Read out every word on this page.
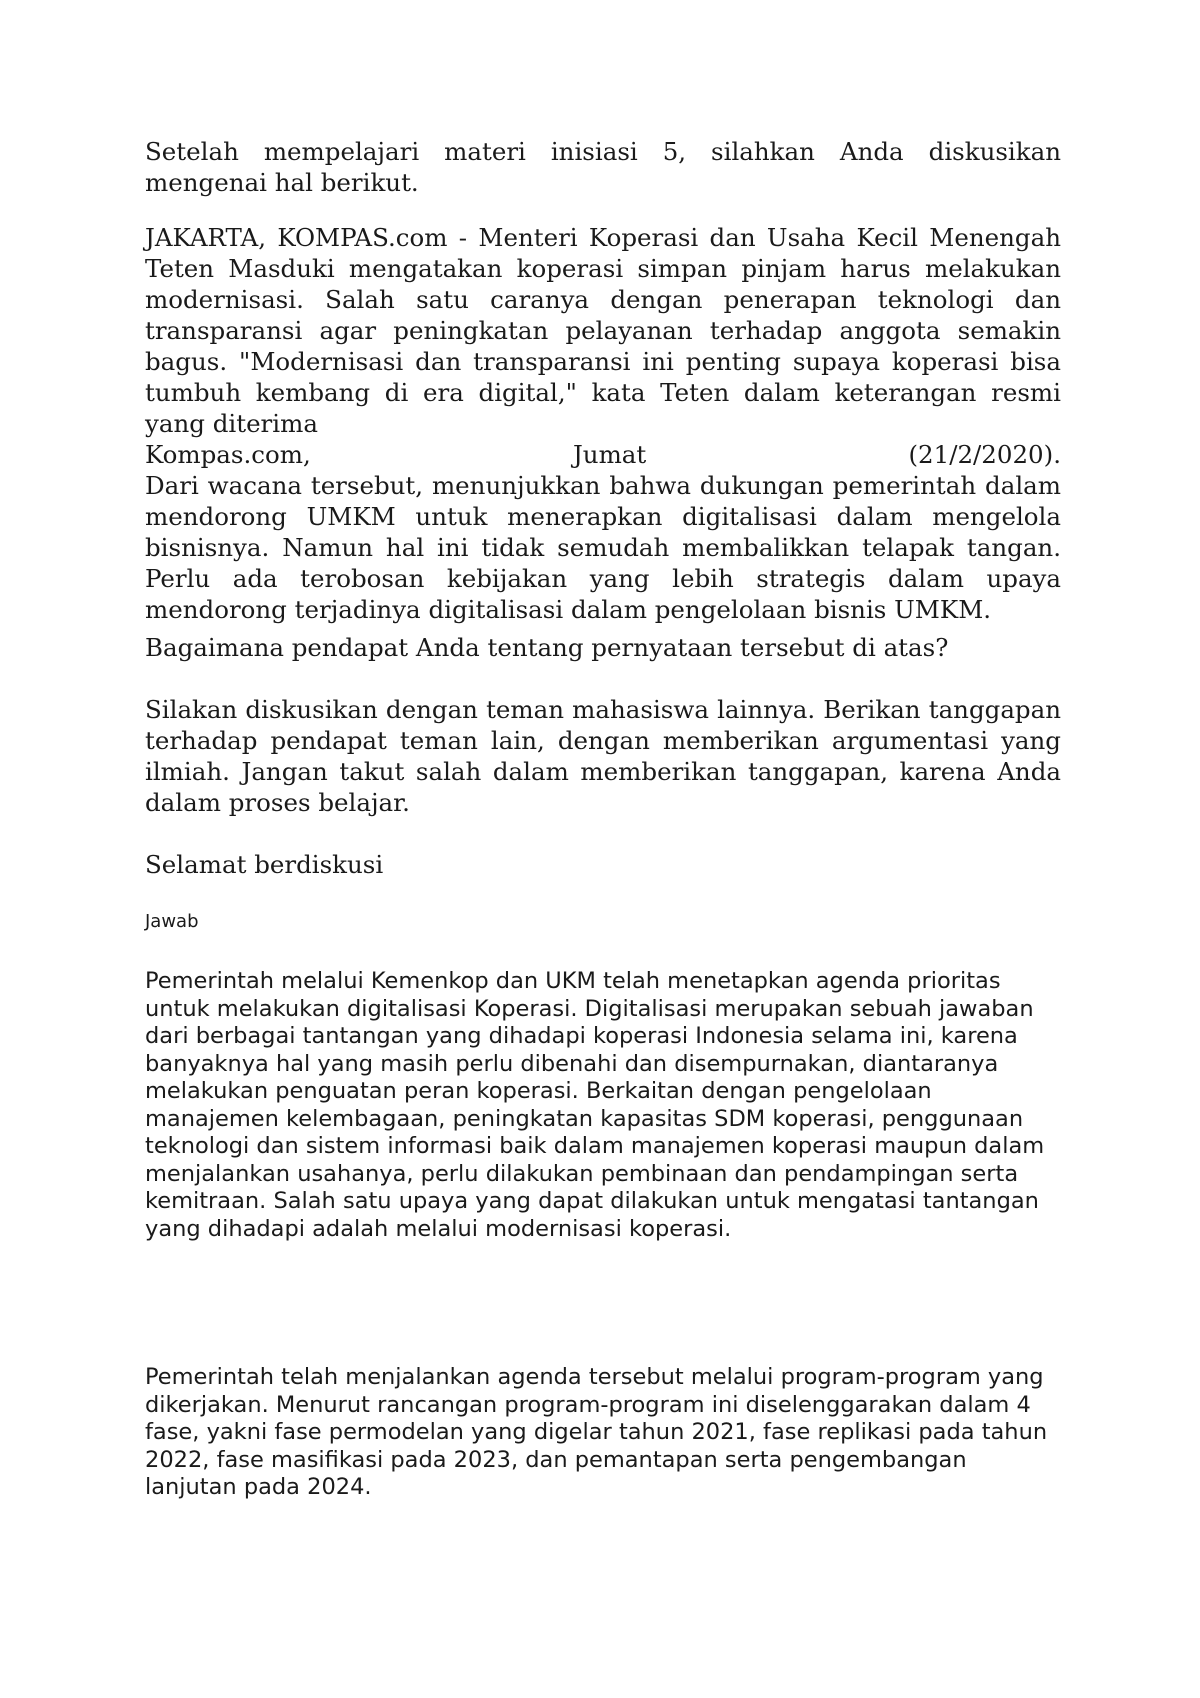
Setelah mempelajari materi inisiasi 5, silahkan Anda diskusikan mengenai hal berikut.

JAKARTA, KOMPAS.com - Menteri Koperasi dan Usaha Kecil Menengah Teten Masduki mengatakan koperasi simpan pinjam harus melakukan modernisasi. Salah satu caranya dengan penerapan teknologi dan transparansi agar peningkatan pelayanan terhadap anggota semakin bagus. "Modernisasi dan transparansi ini penting supaya koperasi bisa tumbuh kembang di era digital," kata Teten dalam keterangan resmi yang diterima
Kompas.com, Jumat (21/2/2020).
Dari wacana tersebut, menunjukkan bahwa dukungan pemerintah dalam mendorong UMKM untuk menerapkan digitalisasi dalam mengelola bisnisnya. Namun hal ini tidak semudah membalikkan telapak tangan. Perlu ada terobosan kebijakan yang lebih strategis dalam upaya mendorong terjadinya digitalisasi dalam pengelolaan bisnis UMKM.

Bagaimana pendapat Anda tentang pernyataan tersebut di atas?

Silakan diskusikan dengan teman mahasiswa lainnya. Berikan tanggapan terhadap pendapat teman lain, dengan memberikan argumentasi yang ilmiah. Jangan takut salah dalam memberikan tanggapan, karena Anda dalam proses belajar.

Selamat berdiskusi

Jawab

Pemerintah melalui Kemenkop dan UKM telah menetapkan agenda prioritas untuk melakukan digitalisasi Koperasi. Digitalisasi merupakan sebuah jawaban dari berbagai tantangan yang dihadapi koperasi Indonesia selama ini, karena banyaknya hal yang masih perlu dibenahi dan disempurnakan, diantaranya melakukan penguatan peran koperasi. Berkaitan dengan pengelolaan manajemen kelembagaan, peningkatan kapasitas SDM koperasi, penggunaan teknologi dan sistem informasi baik dalam manajemen koperasi maupun dalam menjalankan usahanya, perlu dilakukan pembinaan dan pendampingan serta kemitraan. Salah satu upaya yang dapat dilakukan untuk mengatasi tantangan yang dihadapi adalah melalui modernisasi koperasi.

Pemerintah telah menjalankan agenda tersebut melalui program-program yang dikerjakan. Menurut rancangan program-program ini diselenggarakan dalam 4 fase, yakni fase permodelan yang digelar tahun 2021, fase replikasi pada tahun 2022, fase masifikasi pada 2023, dan pemantapan serta pengembangan lanjutan pada 2024.
